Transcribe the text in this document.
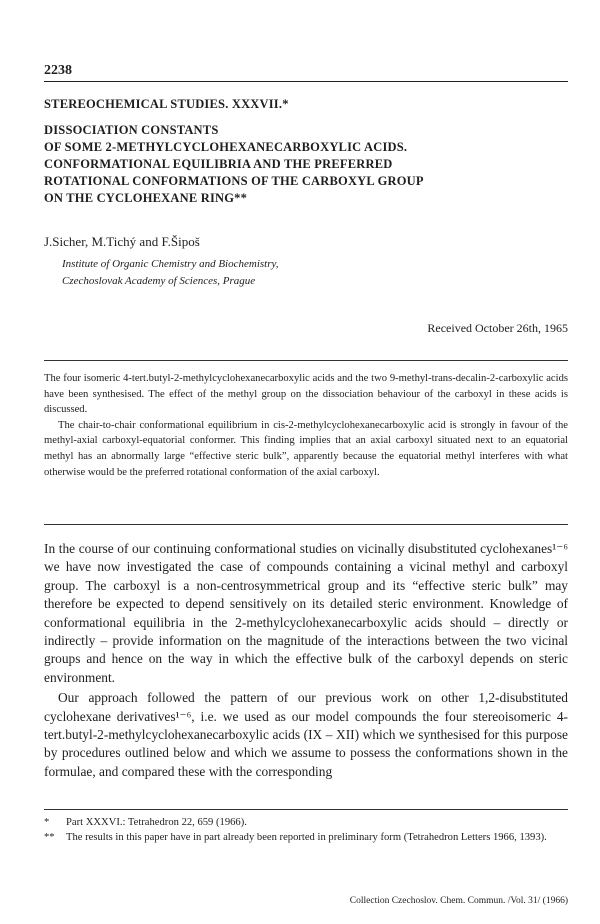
2238
STEREOCHEMICAL STUDIES. XXXVII.*
DISSOCIATION CONSTANTS
OF SOME 2-METHYLCYCLOHEXANECARBOXYLIC ACIDS.
CONFORMATIONAL EQUILIBRIA AND THE PREFERRED
ROTATIONAL CONFORMATIONS OF THE CARBOXYL GROUP
ON THE CYCLOHEXANE RING**
J.Sicher, M.Tichý and F.Šipoš
Institute of Organic Chemistry and Biochemistry,
Czechoslovak Academy of Sciences, Prague
Received October 26th, 1965

The four isomeric 4-tert.butyl-2-methylcyclohexanecarboxylic acids and the two 9-methyl-trans-decalin-2-carboxylic acids have been synthesised. The effect of the methyl group on the dissociation behaviour of the carboxyl in these acids is discussed.

The chair-to-chair conformational equilibrium in cis-2-methylcyclohexanecarboxylic acid is strongly in favour of the methyl-axial carboxyl-equatorial conformer. This finding implies that an axial carboxyl situated next to an equatorial methyl has an abnormally large “effective steric bulk”, apparently because the equatorial methyl interferes with what otherwise would be the preferred rotational conformation of the axial carboxyl.

In the course of our continuing conformational studies on vicinally disubstituted cyclohexanes¹⁻⁶ we have now investigated the case of compounds containing a vicinal methyl and carboxyl group. The carboxyl is a non-centrosymmetrical group and its “effective steric bulk” may therefore be expected to depend sensitively on its detailed steric environment. Knowledge of conformational equilibria in the 2-methylcyclohexanecarboxylic acids should – directly or indirectly – provide information on the magnitude of the interactions between the two vicinal groups and hence on the way in which the effective bulk of the carboxyl depends on steric environment.

Our approach followed the pattern of our previous work on other 1,2-disubstituted cyclohexane derivatives¹⁻⁶, i.e. we used as our model compounds the four stereoisomeric 4-tert.butyl-2-methylcyclohexanecarboxylic acids (IX – XII) which we synthesised for this purpose by procedures outlined below and which we assume to possess the conformations shown in the formulae, and compared these with the corresponding

*	Part XXXVI.: Tetrahedron 22, 659 (1966).
**	The results in this paper have in part already been reported in preliminary form (Tetrahedron Letters 1966, 1393).
Collection Czechoslov. Chem. Commun. /Vol. 31/ (1966)
